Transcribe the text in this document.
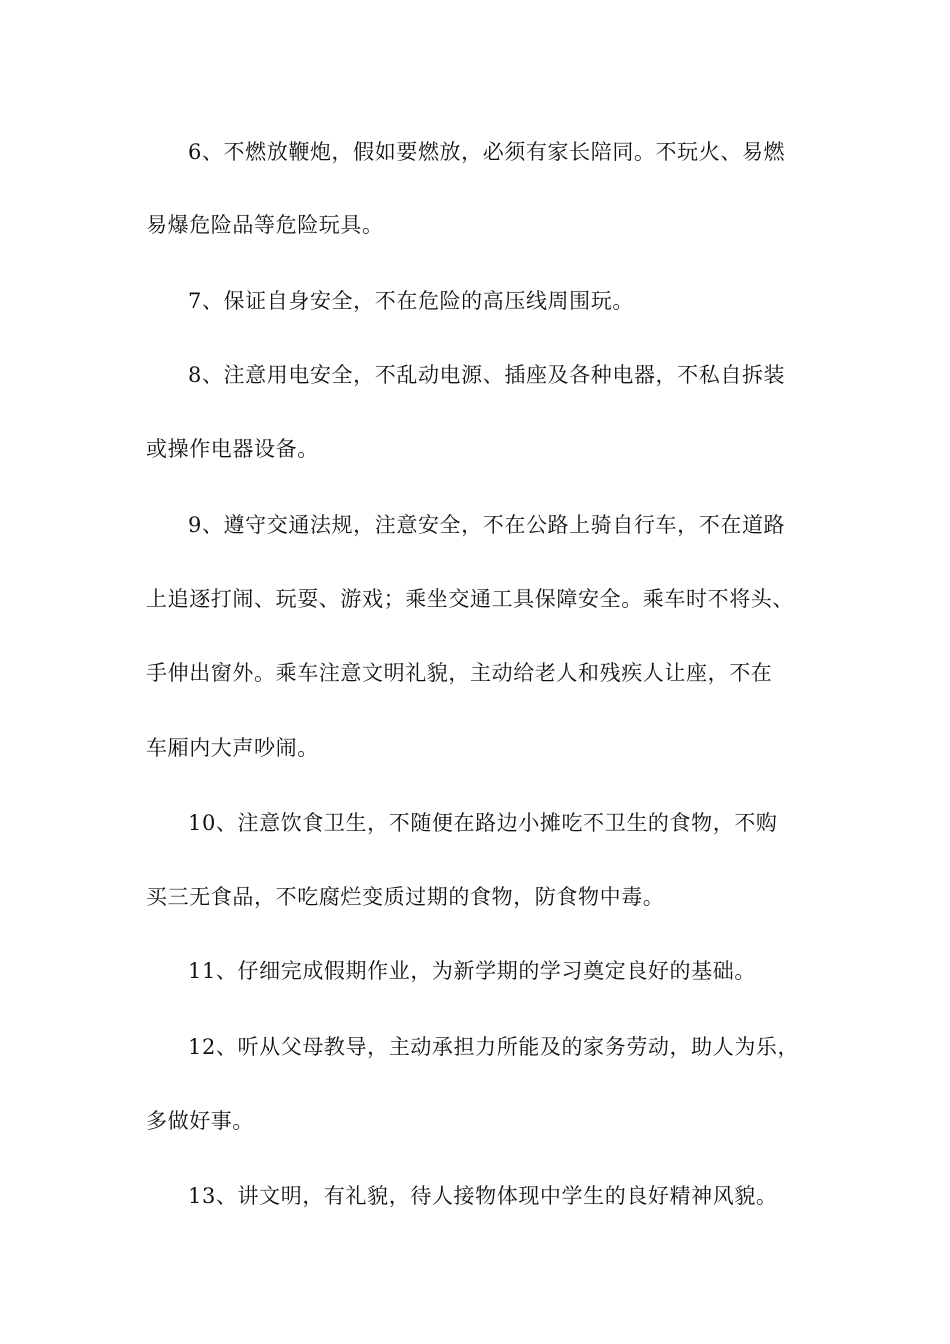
6、不燃放鞭炮，假如要燃放，必须有家长陪同。不玩火、易燃
易爆危险品等危险玩具。
7、保证自身安全，不在危险的高压线周围玩。
8、注意用电安全，不乱动电源、插座及各种电器，不私自拆装
或操作电器设备。
9、遵守交通法规，注意安全，不在公路上骑自行车，不在道路
上追逐打闹、玩耍、游戏；乘坐交通工具保障安全。乘车时不将头、
手伸出窗外。乘车注意文明礼貌，主动给老人和残疾人让座，不在
车厢内大声吵闹。
10、注意饮食卫生，不随便在路边小摊吃不卫生的食物，不购
买三无食品，不吃腐烂变质过期的食物，防食物中毒。
11、仔细完成假期作业，为新学期的学习奠定良好的基础。
12、听从父母教导，主动承担力所能及的家务劳动，助人为乐，
多做好事。
13、讲文明，有礼貌，待人接物体现中学生的良好精神风貌。
